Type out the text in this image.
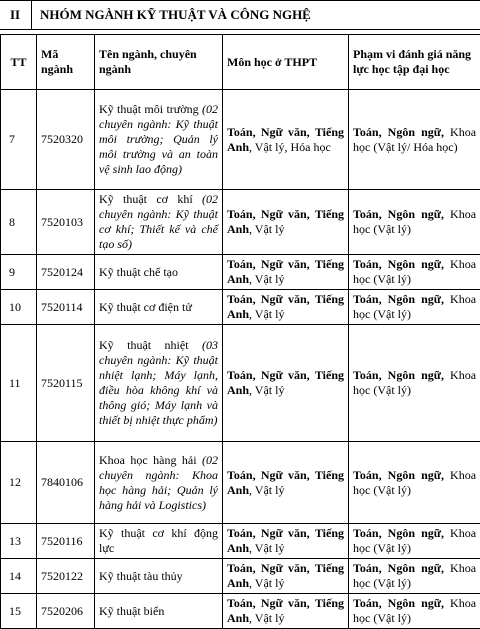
II	NHÓM NGÀNH KỸ THUẬT VÀ CÔNG NGHỆ
TT	Mã ngành	Tên ngành, chuyên ngành	Môn học ở THPT	Phạm vi đánh giá năng lực học tập đại học
7	7520320	Kỹ thuật môi trường (02 chuyên ngành: Kỹ thuật môi trường; Quản lý môi trường và an toàn vệ sinh lao động)	Toán, Ngữ văn, Tiếng Anh, Vật lý, Hóa học	Toán, Ngôn ngữ, Khoa học (Vật lý/ Hóa học)
8	7520103	Kỹ thuật cơ khí (02 chuyên ngành: Kỹ thuật cơ khí; Thiết kế và chế tạo số)	Toán, Ngữ văn, Tiếng Anh, Vật lý	Toán, Ngôn ngữ, Khoa học (Vật lý)
9	7520124	Kỹ thuật chế tạo	Toán, Ngữ văn, Tiếng Anh, Vật lý	Toán, Ngôn ngữ, Khoa học (Vật lý)
10	7520114	Kỹ thuật cơ điện tử	Toán, Ngữ văn, Tiếng Anh, Vật lý	Toán, Ngôn ngữ, Khoa học (Vật lý)
11	7520115	Kỹ thuật nhiệt (03 chuyên ngành: Kỹ thuật nhiệt lạnh; Máy lạnh, điều hòa không khí và thông gió; Máy lạnh và thiết bị nhiệt thực phẩm)	Toán, Ngữ văn, Tiếng Anh, Vật lý	Toán, Ngôn ngữ, Khoa học (Vật lý)
12	7840106	Khoa học hàng hải (02 chuyên ngành: Khoa học hàng hải; Quản lý hàng hải và Logistics)	Toán, Ngữ văn, Tiếng Anh, Vật lý	Toán, Ngôn ngữ, Khoa học (Vật lý)
13	7520116	Kỹ thuật cơ khí động lực	Toán, Ngữ văn, Tiếng Anh, Vật lý	Toán, Ngôn ngữ, Khoa học (Vật lý)
14	7520122	Kỹ thuật tàu thủy	Toán, Ngữ văn, Tiếng Anh, Vật lý	Toán, Ngôn ngữ, Khoa học (Vật lý)
15	7520206	Kỹ thuật biển	Toán, Ngữ văn, Tiếng Anh, Vật lý	Toán, Ngôn ngữ, Khoa học (Vật lý)
